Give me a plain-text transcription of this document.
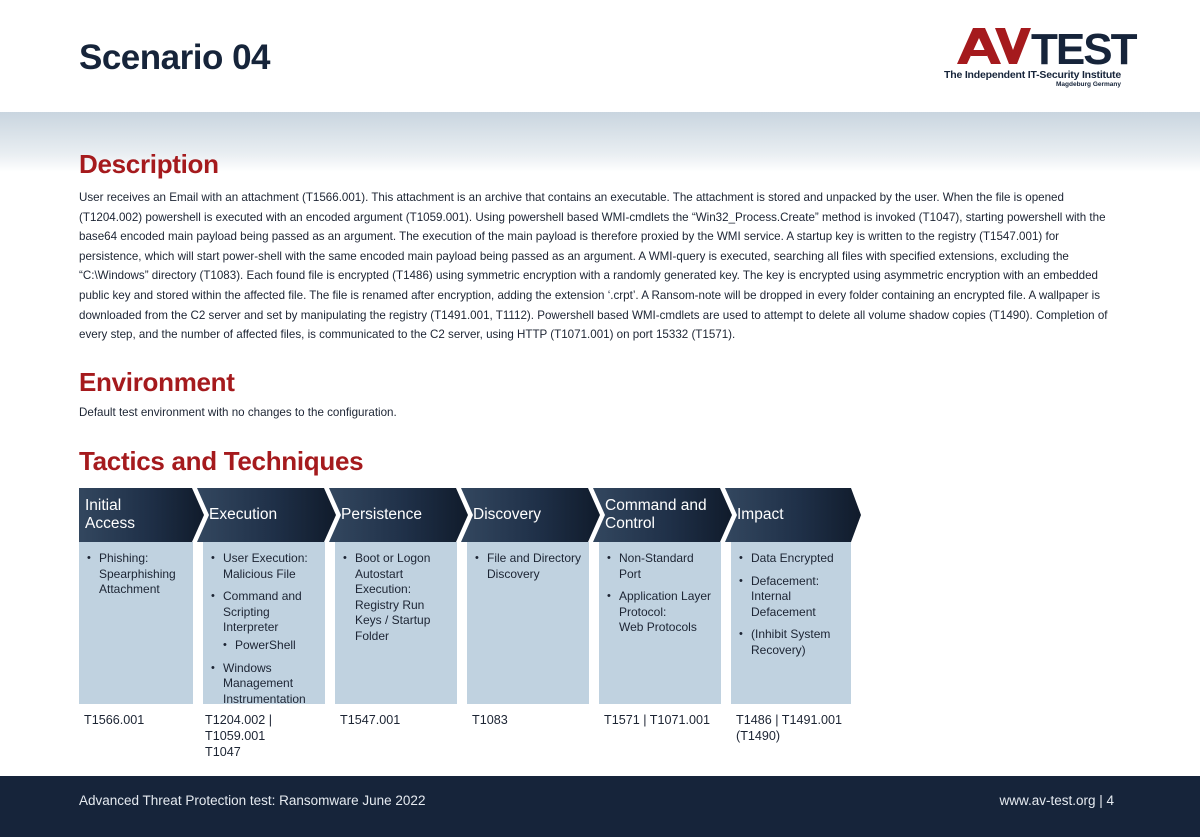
Scenario 04	TEST
The Independent IT-Security Institute
Magdeburg Germany
Description
User receives an Email with an attachment (T1566.001). This attachment is an archive that contains an executable. The attachment is stored and unpacked by the user. When the file is opened (T1204.002) powershell is executed with an encoded argument (T1059.001). Using powershell based WMI-cmdlets the “Win32_Process.Create” method is invoked (T1047), starting powershell with the base64 encoded main payload being passed as an argument. The execution of the main payload is therefore proxied by the WMI service. A startup key is written to the registry (T1547.001) for persistence, which will start power-shell with the same encoded main payload being passed as an argument. A WMI-query is executed, searching all files with specified extensions, excluding the “C:\Windows” directory (T1083). Each found file is encrypted (T1486) using symmetric encryption with a randomly generated key. The key is encrypted using asymmetric encryption with an embedded public key and stored within the affected file. The file is renamed after encryption, adding the extension ‘.crpt’. A Ransom-note will be dropped in every folder containing an encrypted file. A wallpaper is downloaded from the C2 server and set by manipulating the registry (T1491.001, T1112). Powershell based WMI-cmdlets are used to attempt to delete all volume shadow copies (T1490). Completion of every step, and the number of affected files, is communicated to the C2 server, using HTTP (T1071.001) on port 15332 (T1571).
Environment
Default test environment with no changes to the configuration.
Tactics and Techniques
Initial
Access
• Phishing: Spearphishing Attachment
T1566.001
Execution
• User Execution: Malicious File
• Command and Scripting Interpreter
• PowerShell
• Windows Management Instrumentation
T1204.002 | T1059.001
T1047
Persistence
• Boot or Logon Autostart Execution: Registry Run Keys / Startup Folder
T1547.001
Discovery
• File and Directory Discovery
T1083
Command and
Control
• Non-Standard Port
• Application Layer Protocol:
Web Protocols
T1571 | T1071.001
Impact
• Data Encrypted
• Defacement: Internal Defacement
• (Inhibit System Recovery)
T1486 | T1491.001
(T1490)
Advanced Threat Protection test: Ransomware June 2022	www.av-test.org | 4
